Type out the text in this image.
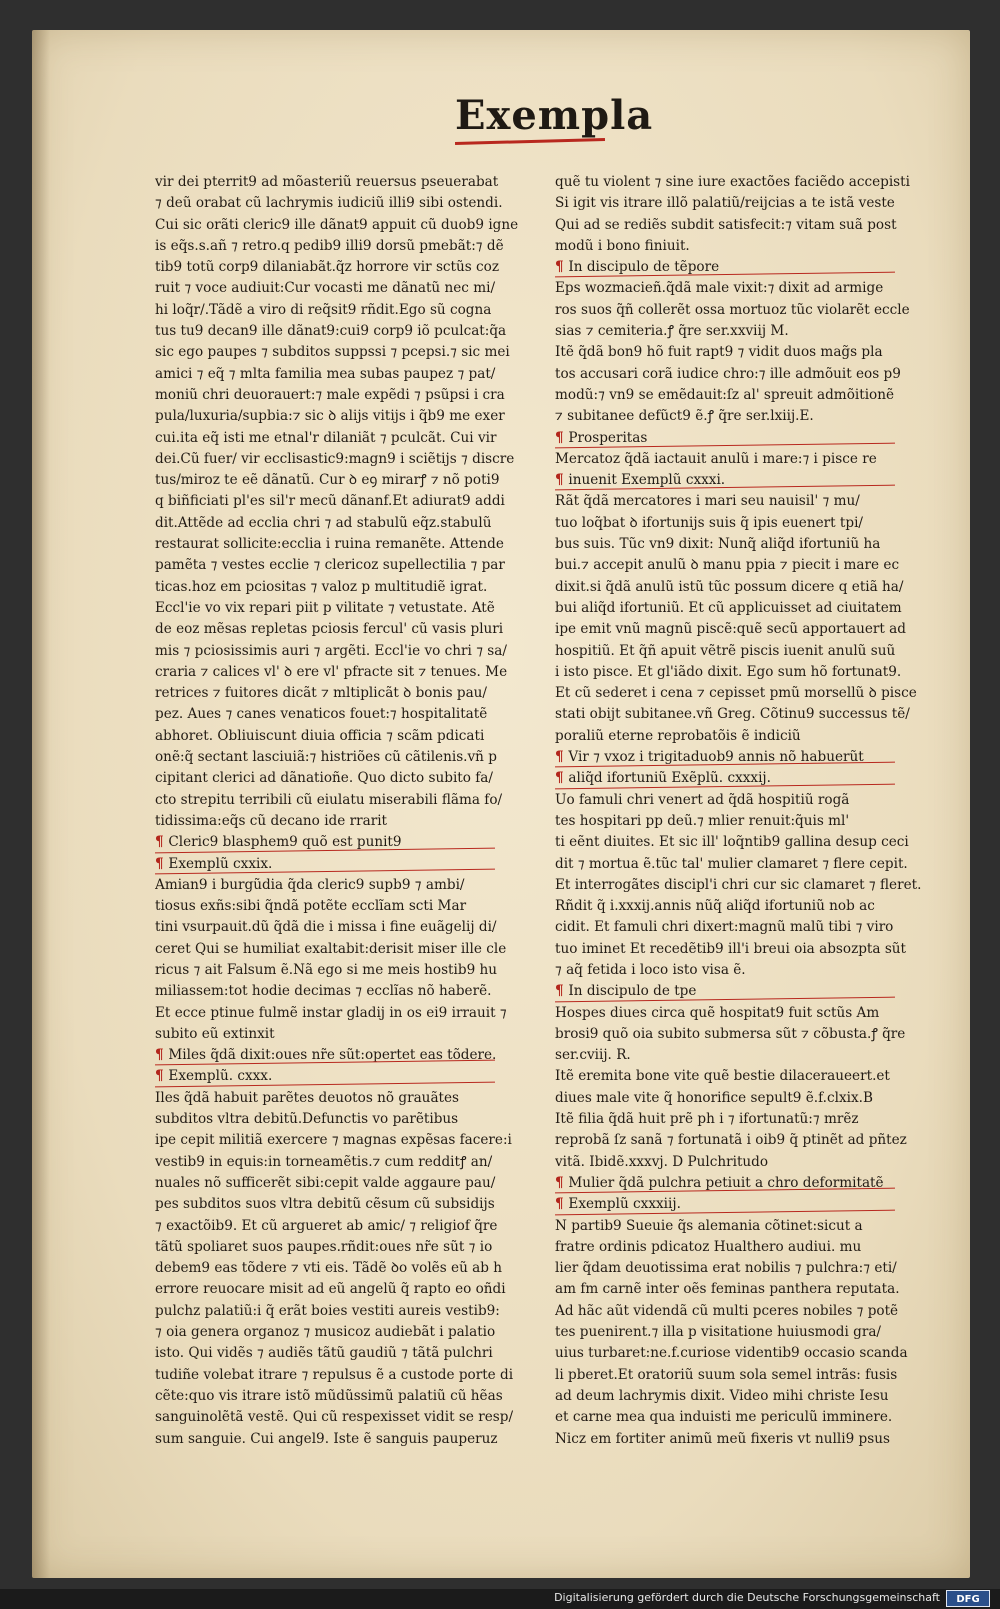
Exempla
vir dei pterrit9 ad mõasteriũ reuersus pseuerabat
⁊ deũ orabat cũ lachrymis iudiciũ illi9 sibi ostendi.
Cui sic orãti cleric9 ille dãnat9 appuit cũ duob9 igne
is eq̃s.s.añ ⁊ retro.q pedib9 illi9 dorsũ pmebãt:⁊ dẽ
tib9 totũ corp9 dilaniabãt.q̃z horrore vir sctũs coz
ruit ⁊ voce audiuit:Cur vocasti me dãnatũ nec mi/
hi loq̃r/.Tãdẽ a viro di req̃sit9 rñdit.Ego sũ cogna
tus tu9 decan9 ille dãnat9:cui9 corp9 iõ pculcat:q̃a
sic ego paupes ⁊ subditos suppssi ⁊ pcepsi.⁊ sic mei
amici ⁊ eq̃ ⁊ mlta familia mea subas paupez ⁊ pat/
moniũ chri deuorauert:⁊ male expẽdi ⁊ psũpsi i cra
pula/luxuria/supbia:⁊ sic ꝺ alijs vitijs i q̃b9 me exer
cui.ita eq̃ isti me etnal'r dilaniãt ⁊ pculcãt. Cui vir
dei.Cũ fuer/ vir ecclisastic9:magn9 i sciẽtijs ⁊ discre
tus/miroz te eẽ dãnatũ. Cur ꝺ eꝯ mirarꝭ ⁊ nõ poti9
q biñficiati pl'es sil'r mecũ dãnanf.Et adiurat9 addi
dit.Attẽde ad ecclia chri ⁊ ad stabulũ eq̃z.stabulũ
restaurat sollicite:ecclia i ruina remanẽte. Attende
pamẽta ⁊ vestes ecclie ⁊ clericoz supellectilia ⁊ par
ticas.hoz em pciositas ⁊ valoz p multitudiẽ igrat.
Eccl'ie vo vix repari piit p vilitate ⁊ vetustate. Atẽ
de eoz mẽsas repletas pciosis fercul' cũ vasis pluri
mis ⁊ pciosissimis auri ⁊ argẽti. Eccl'ie vo chri ⁊ sa/
craria ⁊ calices vl' ꝺ ere vl' pfracte sit ⁊ tenues. Me
retrices ⁊ fuitores dicãt ⁊ mltiplicãt ꝺ bonis pau/
pez. Aues ⁊ canes venaticos fouet:⁊ hospitalitatẽ
abhoret. Obliuiscunt diuia officia ⁊ scãm pdicati
onẽ:q̃ sectant lasciuiã:⁊ histriões cũ cãtilenis.vñ p
cipitant clerici ad dãnatioñe. Quo dicto subito fa/
cto strepitu terribili cũ eiulatu miserabili flãma fo/
tidissima:eq̃s cũ decano ide rrarit
¶ Cleric9 blasphem9 quõ est punit9
¶ Exemplũ cxxix.
Amian9 i burgũdia q̃da cleric9 supb9 ⁊ ambi/
tiosus exñs:sibi q̃ndã potẽte ecclĩam scti Mar
tini vsurpauit.dũ q̃dã die i missa i fine euãgelij di/
ceret Qui se humiliat exaltabit:derisit miser ille cle
ricus ⁊ ait Falsum ẽ.Nã ego si me meis hostib9 hu
miliassem:tot hodie decimas ⁊ ecclĩas nõ haberẽ.
Et ecce ptinue fulmẽ instar gladij in os ei9 irrauit ⁊
subito eũ extinxit
¶ Miles q̃dã dixit:oues nr̃e sũt:opertet eas tõdere.
¶ Exemplũ. cxxx.
Iles q̃dã habuit parẽtes deuotos nõ grauãtes
subditos vltra debitũ.Defunctis vo parẽtibus
ipe cepit militiã exercere ⁊ magnas expẽsas facere:i
vestib9 in equis:in torneamẽtis.⁊ cum redditꝭ an/
nuales nõ sufficerẽt sibi:cepit valde aggaure pau/
pes subditos suos vltra debitũ cẽsum cũ subsidijs
⁊ exactõib9. Et cũ argueret ab amic/ ⁊ religiof q̃re
tãtũ spoliaret suos paupes.rñdit:oues nr̃e sũt ⁊ io
debem9 eas tõdere ⁊ vti eis. Tãdẽ ꝺo volẽs eũ ab h
errore reuocare misit ad eũ angelũ q̃ rapto eo oñdi
pulchz palatiũ:i q̃ erãt boies vestiti aureis vestib9:
⁊ oia genera organoz ⁊ musicoz audiebãt i palatio
isto. Qui vidẽs ⁊ audiẽs tãtũ gaudiũ ⁊ tãtã pulchri
tudiñe volebat itrare ⁊ repulsus ẽ a custode porte di
cẽte:quo vis itrare istõ mũdũssimũ palatiũ cũ hẽas
sanguinolẽtã vestẽ. Qui cũ respexisset vidit se resp/
sum sanguie. Cui angel9. Iste ẽ sanguis pauperuz
quẽ tu violent ⁊ sine iure exactões faciẽdo accepisti
Si igit vis itrare illõ palatiũ/reijcias a te istã veste
Qui ad se rediẽs subdit satisfecit:⁊ vitam suã post
modũ i bono finiuit.
¶ In discipulo de tẽpore
Eps wozmacieñ.q̃dã male vixit:⁊ dixit ad armige
ros suos q̃ñ collerẽt ossa mortuoz tũc violarẽt eccle
sias ⁊ cemiteria.ꝭ q̃re ser.xxviij M.
Itẽ q̃dã bon9 hõ fuit rapt9 ⁊ vidit duos mag̃s pla
tos accusari corã iudice chro:⁊ ille admõuit eos p9
modũ:⁊ vn9 se emẽdauit:ſz al' spreuit admõitionẽ
⁊ subitanee defũct9 ẽ.ꝭ q̃re ser.lxiij.E.
¶ Prosperitas
Mercatoz q̃dã iactauit anulũ i mare:⁊ i pisce re
¶ inuenit Exemplũ cxxxi.
Rãt q̃dã mercatores i mari seu nauisil' ⁊ mu/
tuo loq̃bat ꝺ ifortunijs suis q̃ ipis euenert tpi/
bus suis. Tũc vn9 dixit: Nunq̃ aliq̃d ifortuniũ ha
bui.⁊ accepit anulũ ꝺ manu ppia ⁊ piecit i mare ec
dixit.si q̃dã anulũ istũ tũc possum dicere q etiã ha/
bui aliq̃d ifortuniũ. Et cũ applicuisset ad ciuitatem
ipe emit vnũ magnũ piscẽ:quẽ secũ apportauert ad
hospitiũ. Et q̃ñ apuit vẽtrẽ piscis iuenit anulũ suũ
i isto pisce. Et gl'iãdo dixit. Ego sum hõ fortunat9.
Et cũ sederet i cena ⁊ cepisset pmũ morsellũ ꝺ pisce
stati obijt subitanee.vñ Greg. Cõtinu9 successus tẽ/
poraliũ eterne reprobatõis ẽ indiciũ
¶ Vir ⁊ vxoz i trigitaduob9 annis nõ habuerũt
¶ aliq̃d ifortuniũ Exẽplũ. cxxxij.
Uo famuli chri venert ad q̃dã hospitiũ rogã
tes hospitari pp deũ.⁊ mlier renuit:q̃uis ml'
ti eẽnt diuites. Et sic ill' loq̃ntib9 gallina desup ceci
dit ⁊ mortua ẽ.tũc tal' mulier clamaret ⁊ flere cepit.
Et interrogãtes discipl'i chri cur sic clamaret ⁊ fleret.
Rñdit q̃ i.xxxij.annis nũq̃ aliq̃d ifortuniũ nob ac
cidit. Et famuli chri dixert:magnũ malũ tibi ⁊ viro
tuo iminet Et recedẽtib9 ill'i breui oia absozpta sũt
⁊ aq̃ fetida i loco isto visa ẽ.
¶ In discipulo de tpe
Hospes diues circa quẽ hospitat9 fuit sctũs Am
brosi9 quõ oia subito submersa sũt ⁊ cõbusta.ꝭ q̃re
ser.cviij. R.
Itẽ eremita bone vite quẽ bestie dilaceraueert.et
diues male vite q̃ honorifice sepult9 ẽ.f.clxix.B
Itẽ filia q̃dã huit prẽ ph i ⁊ ifortunatũ:⁊ mrẽz
reprobã ſz sanã ⁊ fortunatã i oib9 q̃ ptinẽt ad pñtez
vitã. Ibidẽ.xxxvj. D Pulchritudo
¶ Mulier q̃dã pulchra petiuit a chro deformitatẽ
¶ Exemplũ cxxxiij.
N partib9 Sueuie q̃s alemania cõtinet:sicut a
fratre ordinis pdicatoz Hualthero audiui. mu
lier q̃dam deuotissima erat nobilis ⁊ pulchra:⁊ eti/
am fm carnẽ inter oẽs feminas panthera reputata.
Ad hãc aũt videndã cũ multi pceres nobiles ⁊ potẽ
tes puenirent.⁊ illa p visitatione huiusmodi gra/
uius turbaret:ne.f.curiose videntib9 occasio scanda
li pberet.Et oratoriũ suum sola semel intrãs: fusis
ad deum lachrymis dixit. Video mihi christe Iesu
et carne mea qua induisti me periculũ imminere.
Nicz em fortiter animũ meũ fixeris vt nulli9 psus
Digitalisierung gefördert durch die Deutsche Forschungsgemeinschaft	DFG
